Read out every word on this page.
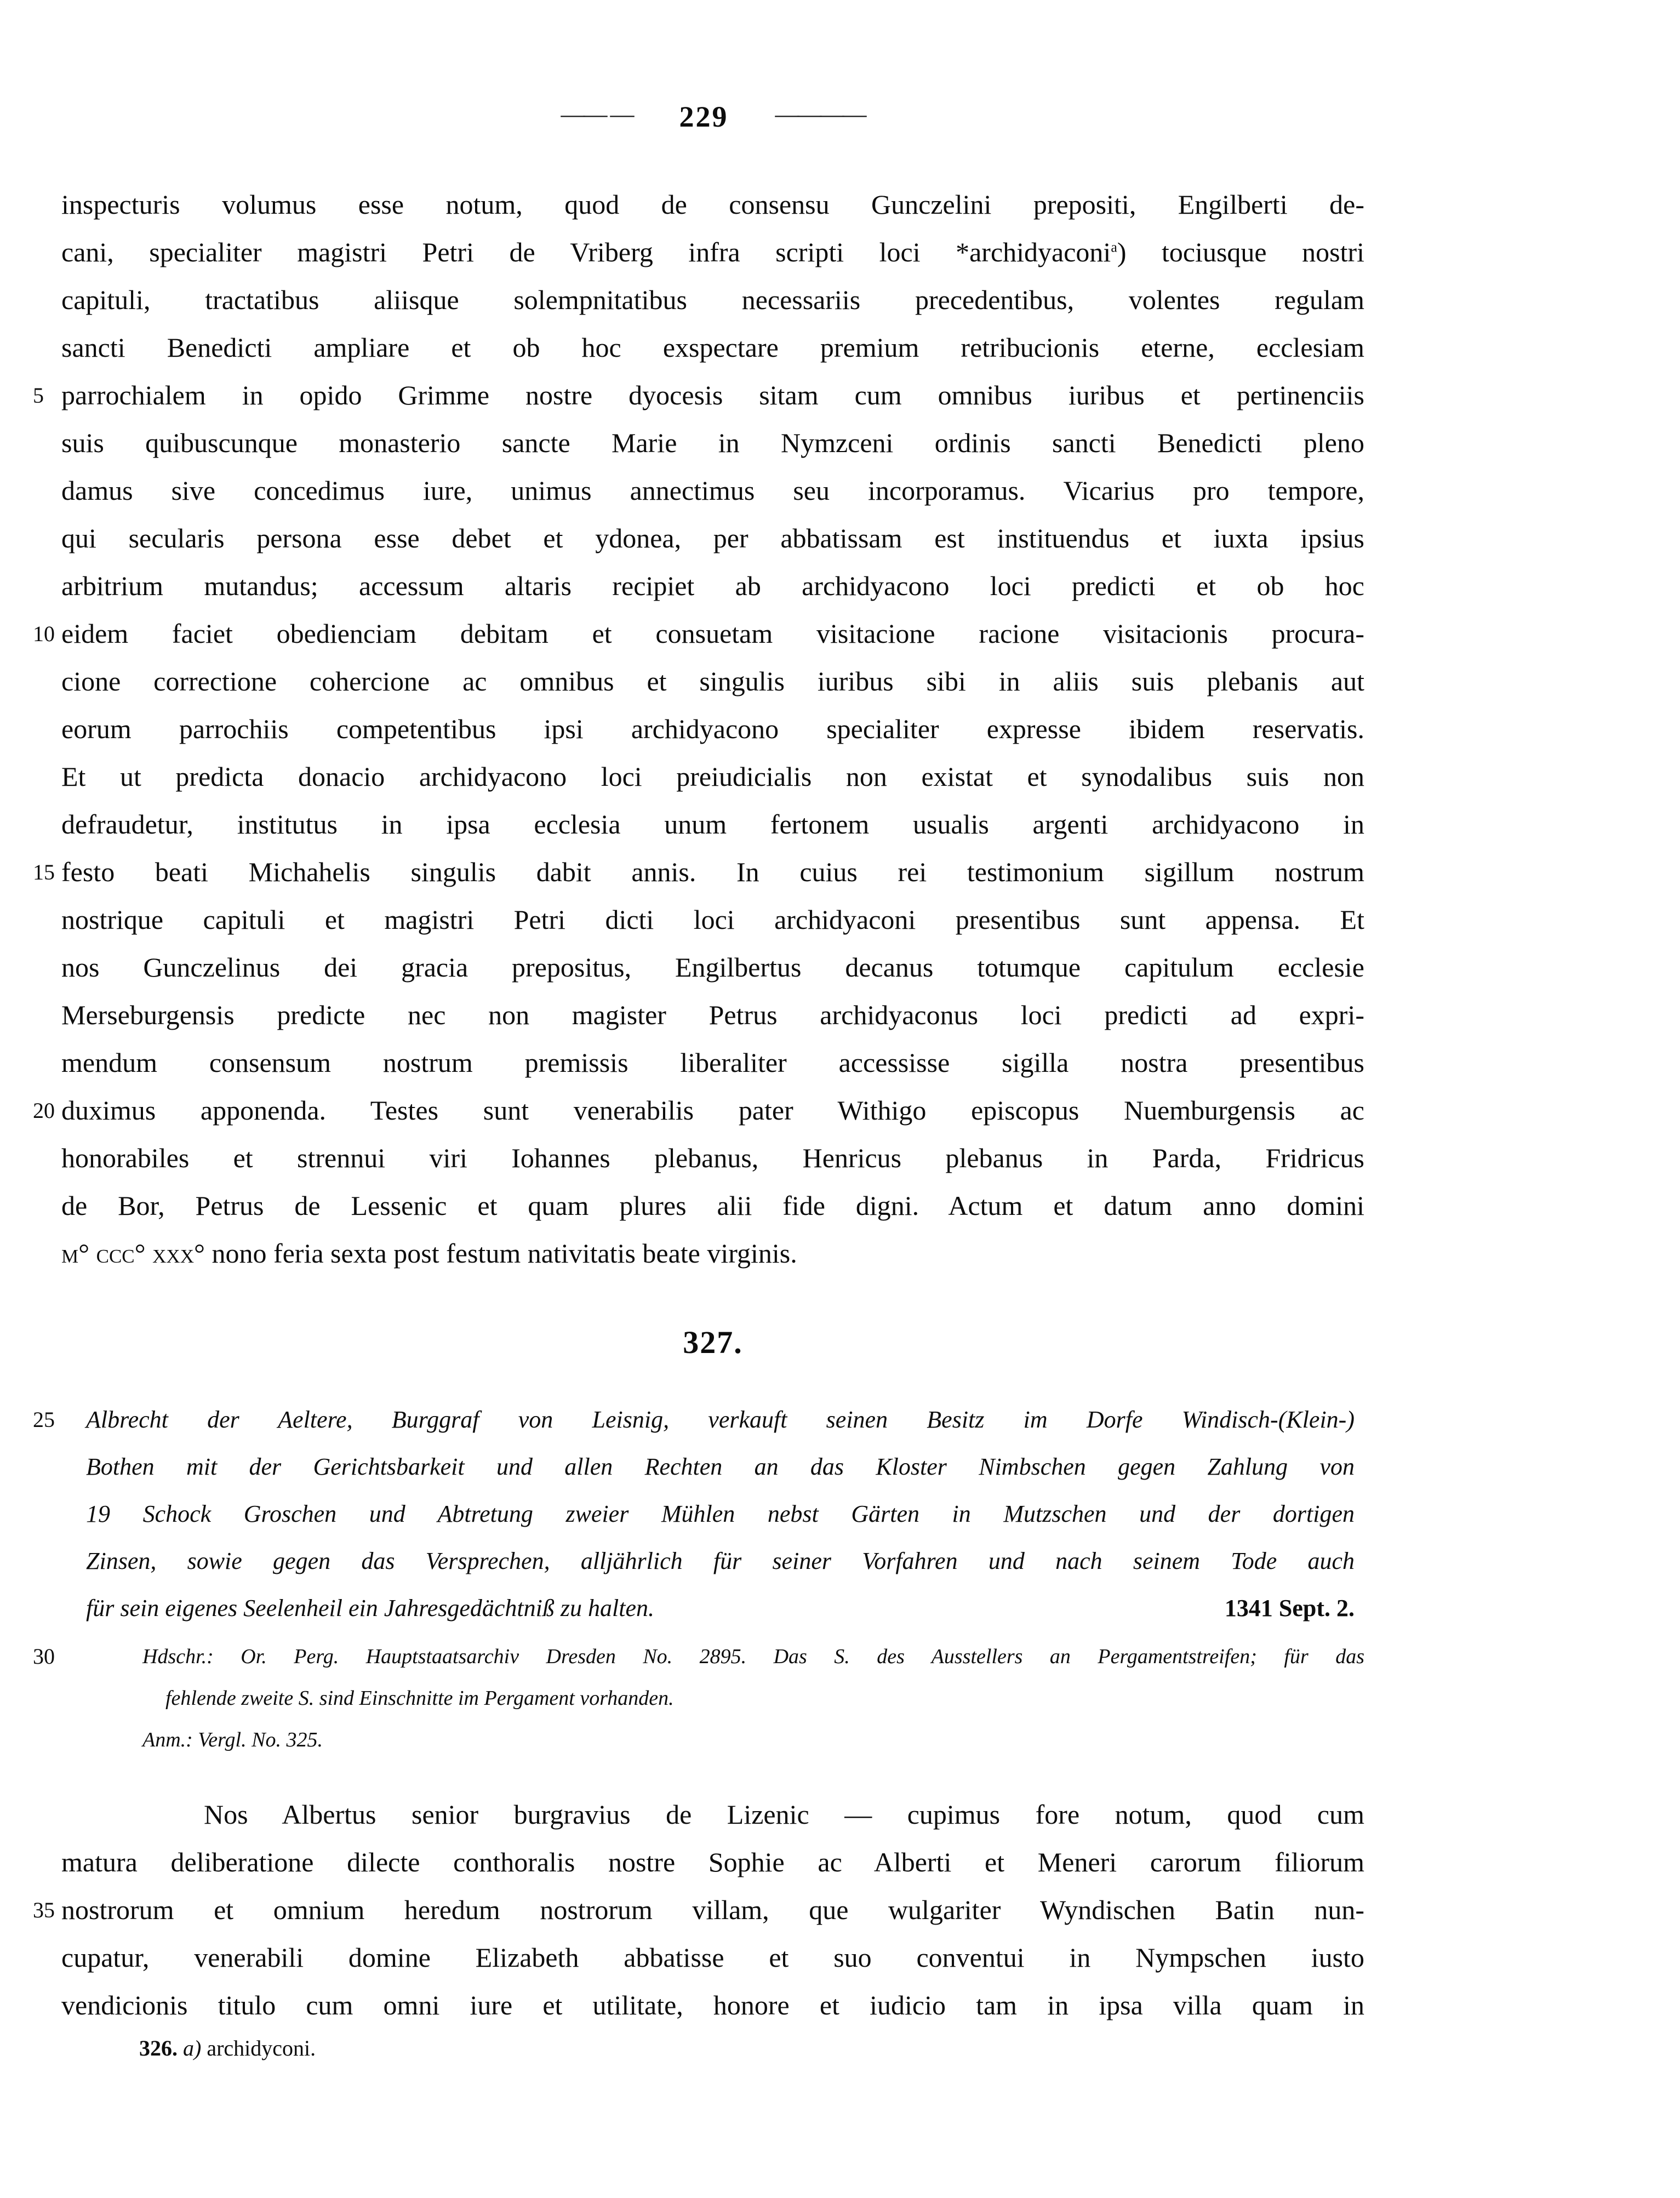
—— — 229 ————
inspecturis volumus esse notum, quod de consensu Gunczelini prepositi, Engilberti de-
cani, specialiter magistri Petri de Vriberg infra scripti loci *archidyaconi$^a$) tociusque nostri
capituli, tractatibus aliisque solempnitatibus necessariis precedentibus, volentes regulam
sancti Benedicti ampliare et ob hoc exspectare premium retribucionis eterne, ecclesiam
5 parrochialem in opido Grimme nostre dyocesis sitam cum omnibus iuribus et pertinenciis
suis quibuscunque monasterio sancte Marie in Nymzceni ordinis sancti Benedicti pleno
damus sive concedimus iure, unimus annectimus seu incorporamus. Vicarius pro tempore,
qui secularis persona esse debet et ydonea, per abbatissam est instituendus et iuxta ipsius
arbitrium mutandus; accessum altaris recipiet ab archidyacono loci predicti et ob hoc
10 eidem faciet obedienciam debitam et consuetam visitacione racione visitacionis procura-
cione correctione cohercione ac omnibus et singulis iuribus sibi in aliis suis plebanis aut
eorum parrochiis competentibus ipsi archidyacono specialiter expresse ibidem reservatis.
Et ut predicta donacio archidyacono loci preiudicialis non existat et synodalibus suis non
defraudetur, institutus in ipsa ecclesia unum fertonem usualis argenti archidyacono in
15 festo beati Michahelis singulis dabit annis. In cuius rei testimonium sigillum nostrum
nostrique capituli et magistri Petri dicti loci archidyaconi presentibus sunt appensa. Et
nos Gunczelinus dei gracia prepositus, Engilbertus decanus totumque capitulum ecclesie
Merseburgensis predicte nec non magister Petrus archidyaconus loci predicti ad expri-
mendum consensum nostrum premissis liberaliter accessisse sigilla nostra presentibus
20 duximus apponenda. Testes sunt venerabilis pater Withigo episcopus Nuemburgensis ac
honorabiles et strennui viri Iohannes plebanus, Henricus plebanus in Parda, Fridricus
de Bor, Petrus de Lessenic et quam plures alii fide digni. Actum et datum anno domini
m° ccc° xxx° nono feria sexta post festum nativitatis beate virginis.
327.
25 Albrecht der Aeltere, Burggraf von Leisnig, verkauft seinen Besitz im Dorfe Windisch-(Klein-)
Bothen mit der Gerichtsbarkeit und allen Rechten an das Kloster Nimbschen gegen Zahlung von
19 Schock Groschen und Abtretung zweier Mühlen nebst Gärten in Mutzschen und der dortigen
Zinsen, sowie gegen das Versprechen, alljährlich für seiner Vorfahren und nach seinem Tode auch
für sein eigenes Seelenheil ein Jahresgedächtniß zu halten.	1341 Sept. 2.
30	Hdschr.: Or. Perg. Hauptstaatsarchiv Dresden No. 2895. Das S. des Ausstellers an Pergamentstreifen; für das
fehlende zweite S. sind Einschnitte im Pergament vorhanden.
Anm.: Vergl. No. 325.
Nos Albertus senior burgravius de Lizenic — cupimus fore notum, quod cum
matura deliberatione dilecte conthoralis nostre Sophie ac Alberti et Meneri carorum filiorum
35 nostrorum et omnium heredum nostrorum villam, que wulgariter Wyndischen Batin nun-
cupatur, venerabili domine Elizabeth abbatisse et suo conventui in Nympschen iusto
vendicionis titulo cum omni iure et utilitate, honore et iudicio tam in ipsa villa quam in
326. a) archidyconi.
